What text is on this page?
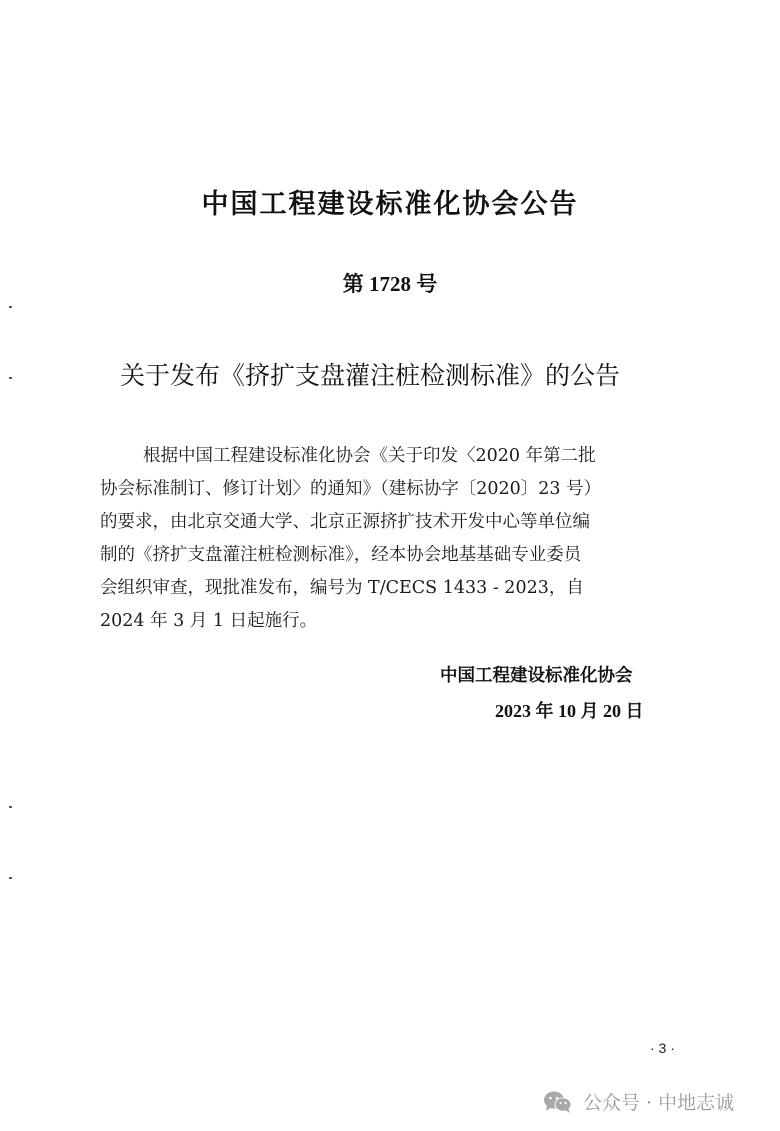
中国工程建设标准化协会公告
第 1728 号
关于发布《挤扩支盘灌注桩检测标准》的公告
根据中国工程建设标准化协会《关于印发〈2020 年第二批
协会标准制订、修订计划〉的通知》（建标协字〔2020〕23 号）
的要求，由北京交通大学、北京正源挤扩技术开发中心等单位编
制的《挤扩支盘灌注桩检测标准》，经本协会地基基础专业委员
会组织审查，现批准发布，编号为 T/CECS 1433 - 2023，自
2024 年 3 月 1 日起施行。
中国工程建设标准化协会
2023 年 10 月 20 日
· 3 ·
公众号 · 中地志诚
